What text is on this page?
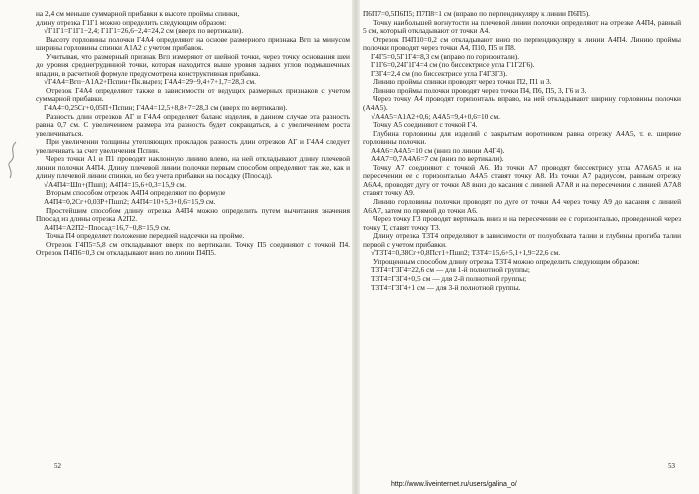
на 2,4 см меньше суммарной прибавки к высоте проймы спинки,

длину отрезка Г1Г1 можно определить следующим образом:

√Г1Г1=Г1Г1−2,4; Г1Г1=26,6−2,4=24,2 см (вверх по вертикали).

Высоту горловины полочки Г4А4 определяют на основе размерного признака Вгп за минусом ширины горловины спинки А1А2 с учетом прибавок.

Учитывая, что размерный признак Вгп измеряют от шейной точки, через точку основания шеи до уровня среднегрудинной точки, которая находится выше уровня задних углов подмышечных впадин, в расчетной формуле предусмотрена конструктивная прибавка.

√Г4А4=Вгп−А1А2+Пспин+Пк.вырез; Г4А4=29−9,4+7+1,7=28,3 см.

Отрезок Г4А4 определяют также в зависимости от ведущих размерных признаков с учетом суммарной прибавки.

Г4А4=0,25Сг+0,05П+Пспин; Г4А4=12,5+8,8+7=28,3 см (вверх по вертикали).

Разность длин отрезков АГ и Г4А4 определяет баланс изделия, в данном случае эта разность равна 0,7 см. С увеличением размера эта разность будет сокращаться, а с увеличением роста увеличиваться.

При увеличении толщины утепляющих прокладок разность длин отрезков АГ и Г4А4 следует увеличивать за счет увеличения Пспин.

Через точки А1 и П1 проводят наклонную линию влево, на ней откладывают длину плечевой линии полочки А4П4. Длину плечевой линии полочки первым способом определяют так же, как и длину плечевой линии спинки, но без учета прибавки на посадку (Ппосад).

√А4П4=Шп+(Пшп); А4П4=15,6+0,3=15,9 см.

Вторым способом отрезок А4П4 определяют по формуле

А4П4=0,2Сг+0,03Р+Пшп2; А4П4=10+5,3+0,6=15,9 см.

Простейшим способом длину отрезка А4П4 можно определить путем вычитания значения Ппосад из длины отрезка А2П2.

А4П4=А2П2−Ппосад=16,7−0,8=15,9 см.

Точка П4 определяет положение передней надсечки на пройме.

Отрезок Г4П5=5,8 см откладывают вверх по вертикали. Точку П5 соединяют с точкой П4. Отрезок П4П6=0,3 см откладывают вниз по линии П4П5.

П6П7=0,5П6П5; П7П8=1 см (вправо по перпендикуляру к линии П6П5).

Точку наибольшей вогнутости на плечевой линии полочки определяют на отрезке А4П4, равный 5 см, который откладывают от точки А4.

Отрезок П4П10=0,2 см откладывают вниз по перпендикуляру к линии А4П4. Линию проймы полочки проводят через точки А4, П10, П5 и П8.

Г4Г5=0,5Г1Г4=8,3 см (вправо по горизонтали).

Г1Г6=0,24Г1Г4=4 см (по биссектрисе угла Г1Г2Г6).

Г3Г4=2,4 см (по биссектрисе угла Г4Г3Г3).

Линию проймы спинки проводят через точки П2, П1 и 3.

Линию проймы полочки проводят через точки П4, П6, П5, 3, Г6 и 3.

Через точку А4 проводят горизонталь вправо, на ней откладывают ширину горловины полочки (А4А5).

√А4А5=А1А2+0,6; А4А5=9,4+0,6=10 см.

Точку А5 соединяют с точкой Г4.

Глубина горловины для изделий с закрытым воротником равна отрезку А4А5, т. е. ширине горловины полочки.

А4А6=А4А5=10 см (вниз по линии А4Г4).

А4А7=0,7А4А6=7 см (вниз по вертикали).

Точку А7 соединяют с точкой А6. Из точки А7 проводят биссектрису угла А7А6А5 и на пересечении ее с горизонталью А4А5 ставят точку А8. Из точки А7 радиусом, равным отрезку А6А4, проводят дугу от точки А8 вниз до касания с линией А7А8 и на пересечении с линией А7А8 ставят точку А9.

Линию горловины полочки проводят по дуге от точки А4 через точку А9 до касания с линией А6А7, затем по прямой до точки А6.

Через точку Г3 проводят вертикаль вниз и на пересечении ее с горизонталью, проведенной через точку Т, ставят точку Т3.

Длину отрезка Т3Т4 определяют в зависимости от полуобхвата талии и глубины прогиба талии первой с учетом прибавки.

√Т3Т4=0,38Сг+0,8Пст1+Пшп2; Т3Т4=15,6+5,1+1,9=22,6 см.

Упрощенным способом длину отрезка Т3Т4 можно определить следующим образом:

Т3Т4=Г3Г4=22,6 см — для 1-й полнотной группы;

Т3Т4=Г3Г4+0,5 см — для 2-й полнотной группы;

Т3Т4=Г3Г4+1 см — для 3-й полнотной группы.

52	53
http://www.liveinternet.ru/users/galina_o/
